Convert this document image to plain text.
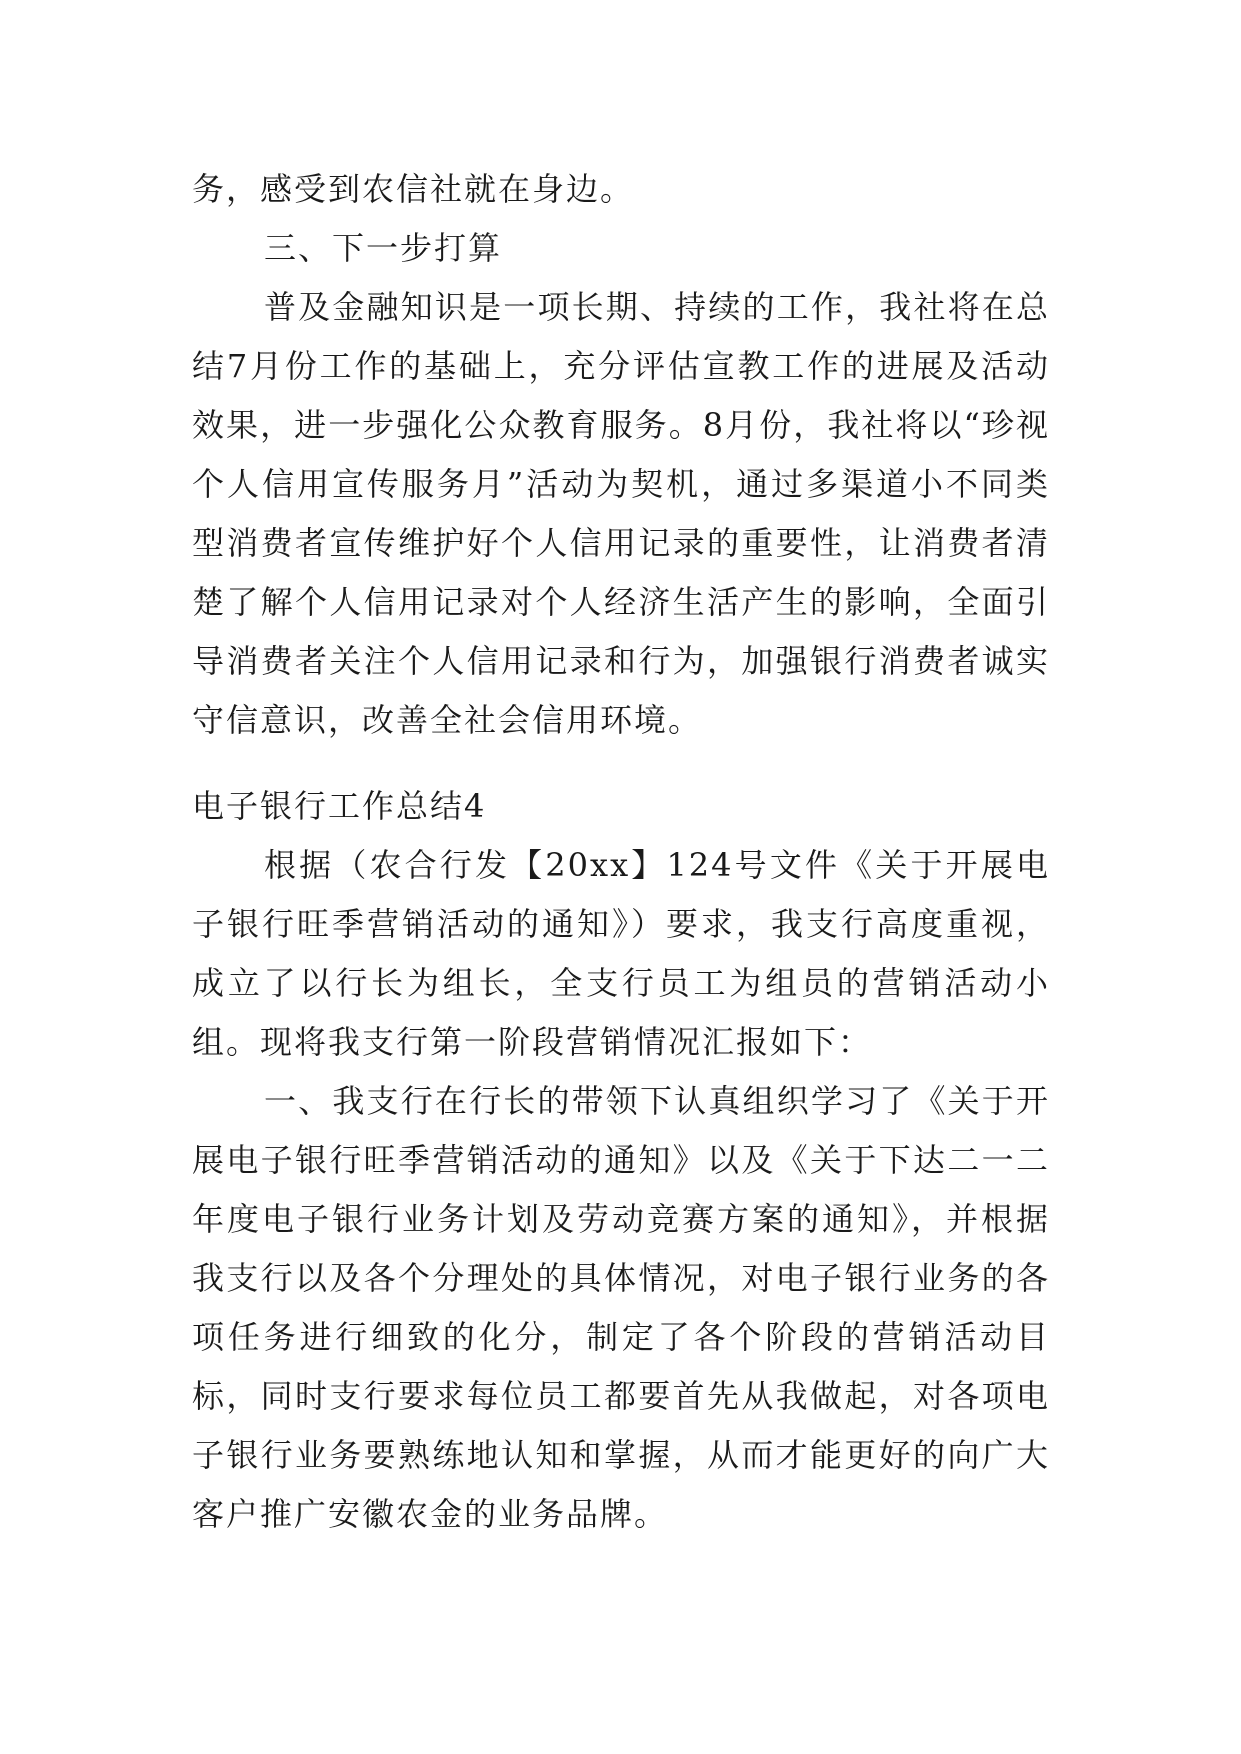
务，感受到农信社就在身边。

三、下一步打算

普及金融知识是一项长期、持续的工作，我社将在总结7月份工作的基础上，充分评估宣教工作的进展及活动效果，进一步强化公众教育服务。8月份，我社将以“珍视个人信用宣传服务月”活动为契机，通过多渠道小不同类型消费者宣传维护好个人信用记录的重要性，让消费者清楚了解个人信用记录对个人经济生活产生的影响，全面引导消费者关注个人信用记录和行为，加强银行消费者诚实守信意识，改善全社会信用环境。

电子银行工作总结4

根据（农合行发【20xx】124号文件《关于开展电子银行旺季营销活动的通知》）要求，我支行高度重视，成立了以行长为组长，全支行员工为组员的营销活动小组。现将我支行第一阶段营销情况汇报如下：

一、我支行在行长的带领下认真组织学习了《关于开展电子银行旺季营销活动的通知》以及《关于下达二一二年度电子银行业务计划及劳动竞赛方案的通知》，并根据我支行以及各个分理处的具体情况，对电子银行业务的各项任务进行细致的化分，制定了各个阶段的营销活动目标，同时支行要求每位员工都要首先从我做起，对各项电子银行业务要熟练地认知和掌握，从而才能更好的向广大客户推广安徽农金的业务品牌。
